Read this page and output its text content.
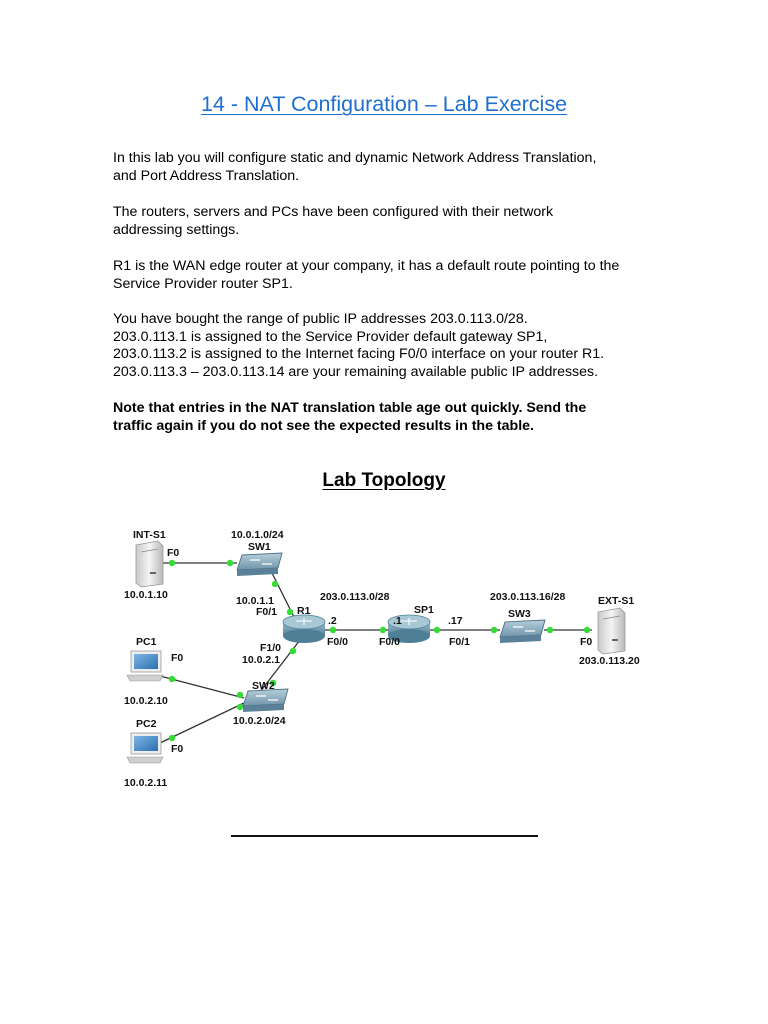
14 - NAT Configuration – Lab Exercise

In this lab you will configure static and dynamic Network Address Translation,
and Port Address Translation.

The routers, servers and PCs have been configured with their network
addressing settings.

R1 is the WAN edge router at your company, it has a default route pointing to the
Service Provider router SP1.

You have bought the range of public IP addresses 203.0.113.0/28.
203.0.113.1 is assigned to the Service Provider default gateway SP1,
203.0.113.2 is assigned to the Internet facing F0/0 interface on your router R1.
203.0.113.3 – 203.0.113.14 are your remaining available public IP addresses.

Note that entries in the NAT translation table age out quickly. Send the
traffic again if you do not see the expected results in the table.

Lab Topology
INT-S1
F0
10.0.1.10
10.0.1.0/24
SW1
10.0.1.1
F0/1 R1
203.0.113.0/28
.2
F0/0
F1/0
10.0.2.1
SP1
.1
F0/0
.17
F0/1
203.0.113.16/28
SW3
EXT-S1
F0
203.0.113.20
PC1
F0
10.0.2.10
SW2
10.0.2.0/24
PC2
F0
10.0.2.11
